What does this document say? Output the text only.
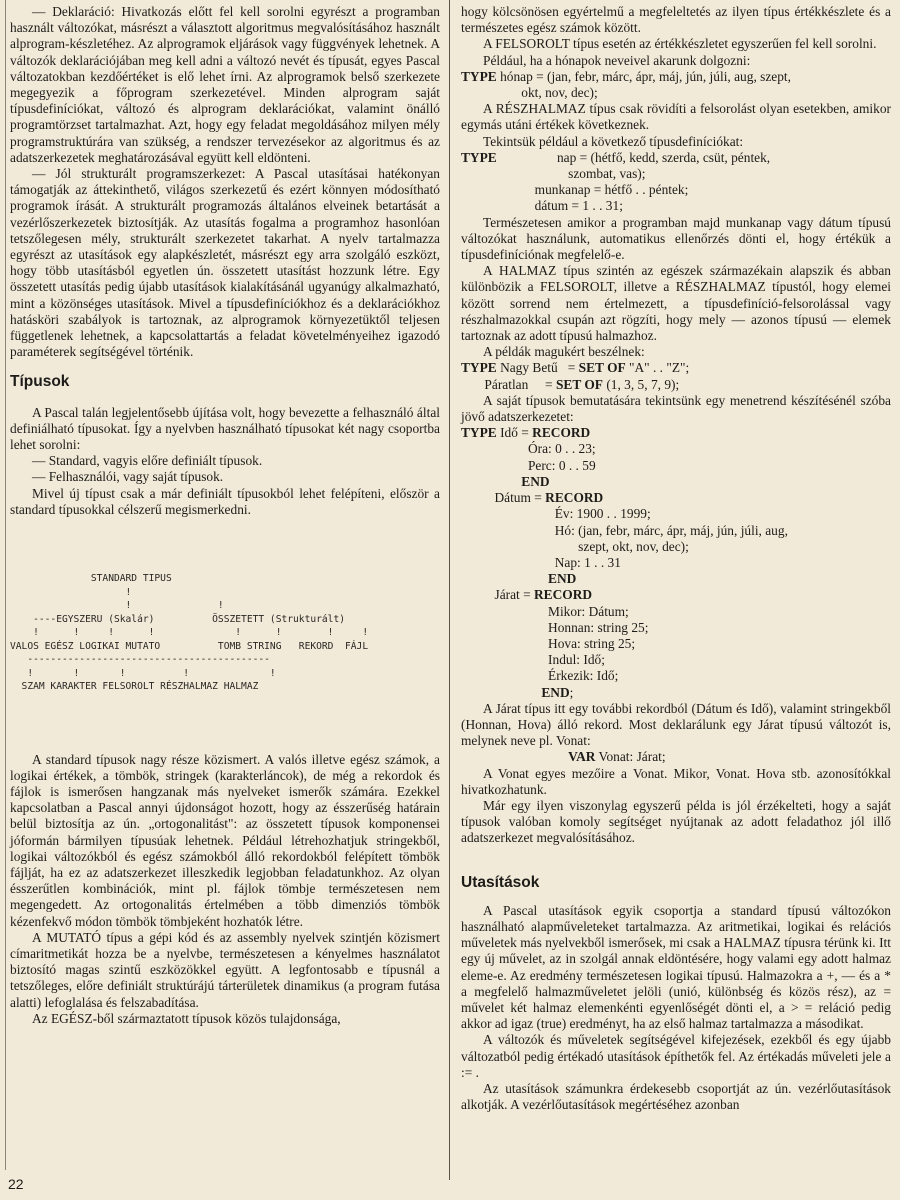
— Deklaráció: Hivatkozás előtt fel kell sorolni egyrészt a programban használt változókat, másrészt a választott algoritmus megvalósításához használt alprogram-készletéhez. Az alprogramok eljárások vagy függvények lehetnek. A változók deklarációjában meg kell adni a változó nevét és típusát, egyes Pascal változatokban kezdőértéket is elő lehet írni. Az alprogramok belső szerkezete megegyezik a főprogram szerkezetével. Minden alprogram saját típusdefiníciókat, változó és alprogram deklarációkat, valamint önálló programtörzset tartalmazhat. Azt, hogy egy feladat megoldásához milyen mély programstruktúrára van szükség, a rendszer tervezésekor az algoritmus és az adatszerkezetek meghatározásával együtt kell eldönteni.

— Jól strukturált programszerkezet: A Pascal utasításai hatékonyan támogatják az áttekinthető, világos szerkezetű és ezért könnyen módosítható programok írását. A strukturált programozás általános elveinek betartását a vezérlőszerkezetek biztosítják. Az utasítás fogalma a programhoz hasonlóan tetszőlegesen mély, strukturált szerkezetet takarhat. A nyelv tartalmazza egyrészt az utasítások egy alapkészletét, másrészt egy arra szolgáló eszközt, hogy több utasításból egyetlen ún. összetett utasítást hozzunk létre. Egy összetett utasítás pedig újabb utasítások kialakításánál ugyanúgy alkalmazható, mint a közönséges utasítások. Mivel a típusdefiníciókhoz és a deklarációkhoz hatásköri szabályok is tartoznak, az alprogramok környezetüktől teljesen függetlenek lehetnek, a kapcsolattartás a feladat követelményeihez igazodó paraméterek segítségével történik.

Típusok

A Pascal talán legjelentősebb újítása volt, hogy bevezette a felhasználó által definiálható típusokat. Így a nyelvben használható típusokat két nagy csoportba lehet sorolni:

— Standard, vagyis előre definiált típusok.

— Felhasználói, vagy saját típusok.

Mivel új típust csak a már definiált típusokból lehet felépíteni, először a standard típusokkal célszerű megismerkedni.

STANDARD TIPUS
!
!               !
----EGYSZERU (Skalár)          ÖSSZETETT (Strukturált)
!      !     !      !              !      !        !     !
VALOS EGÉSZ LOGIKAI MUTATO          TOMB STRING   REKORD  FÁJL
------------------------------------------
!       !       !          !              !
SZAM KARAKTER FELSOROLT RÉSZHALMAZ HALMAZ

A standard típusok nagy része közismert. A valós illetve egész számok, a logikai értékek, a tömbök, stringek (karakterláncok), de még a rekordok és fájlok is ismerősen hangzanak más nyelveket ismerők számára. Ezekkel kapcsolatban a Pascal annyi újdonságot hozott, hogy az ésszerűség határain belül biztosítja az ún. „ortogonalitást": az összetett típusok komponensei jóformán bármilyen típusúak lehetnek. Például létrehozhatjuk stringekből, logikai változókból és egész számokból álló rekordokból felépített tömbök fájlját, ha ez az adatszerkezet illeszkedik legjobban feladatunkhoz. Az olyan ésszerűtlen kombinációk, mint pl. fájlok tömbje természetesen nem megengedett. Az ortogonalitás értelmében a több dimenziós tömbök kézenfekvő módon tömbök tömbjeként hozhatók létre.

A MUTATÓ típus a gépi kód és az assembly nyelvek szintjén közismert címaritmetikát hozza be a nyelvbe, természetesen a kényelmes használatot biztosító magas szintű eszközökkel együtt. A legfontosabb e típusnál a tetszőleges, előre definiált struktúrájú tárterületek dinamikus (a program futása alatti) lefoglalása és felszabadítása.

Az EGÉSZ-ből származtatott típusok közös tulajdonsága,

hogy kölcsönösen egyértelmű a megfeleltetés az ilyen típus értékkészlete és a természetes egész számok között.

A FELSOROLT típus esetén az értékkészletet egyszerűen fel kell sorolni.

Például, ha a hónapok neveivel akarunk dolgozni:

TYPE hónap = (jan, febr, márc, ápr, máj, jún, júli, aug, szept,
okt, nov, dec);

A RÉSZHALMAZ típus csak rövidíti a felsorolást olyan esetekben, amikor egymás utáni értékek következnek.

Tekintsük például a következő típusdefiníciókat:

TYPE	nap = (hétfő, kedd, szerda, csüt, péntek,
szombat, vas);
munkanap = hétfő . . péntek;
dátum = 1 . . 31;

Természetesen amikor a programban majd munkanap vagy dátum típusú változókat használunk, automatikus ellenőrzés dönti el, hogy értékük a típusdefiníciónak megfelelő-e.

A HALMAZ típus szintén az egészek származékain alapszik és abban különbözik a FELSOROLT, illetve a RÉSZHALMAZ típustól, hogy elemei között sorrend nem értelmezett, a típusdefiníció-felsorolással vagy részhalmazokkal csupán azt rögzíti, hogy mely — azonos típusú — elemek tartoznak az adott típusú halmazhoz.

A példák magukért beszélnek:

TYPE Nagy Betű   = SET OF "A" . . "Z";
Páratlan     = SET OF (1, 3, 5, 7, 9);

A saját típusok bemutatására tekintsünk egy menetrend készítésénél szóba jövő adatszerkezetet:

TYPE Idő = RECORD
Óra: 0 . . 23;
Perc: 0 . . 59
END
Dátum = RECORD
Év: 1900 . . 1999;
Hó: (jan, febr, márc, ápr, máj, jún, júli, aug,
szept, okt, nov, dec);
Nap: 1 . . 31
END
Járat = RECORD
Mikor: Dátum;
Honnan: string 25;
Hova: string 25;
Indul: Idő;
Érkezik: Idő;
END;

A Járat típus itt egy további rekordból (Dátum és Idő), valamint stringekből (Honnan, Hova) álló rekord. Most deklarálunk egy Járat típusú változót is, melynek neve pl. Vonat:

VAR Vonat: Járat;

A Vonat egyes mezőire a Vonat. Mikor, Vonat. Hova stb. azonosítókkal hivatkozhatunk.

Már egy ilyen viszonylag egyszerű példa is jól érzékelteti, hogy a saját típusok valóban komoly segítséget nyújtanak az adott feladathoz jól illő adatszerkezet megvalósításához.

Utasítások

A Pascal utasítások egyik csoportja a standard típusú változókon használható alapműveleteket tartalmazza. Az aritmetikai, logikai és relációs műveletek más nyelvekből ismerősek, mi csak a HALMAZ típusra térünk ki. Itt egy új művelet, az in szolgál annak eldöntésére, hogy valami egy adott halmaz eleme-e. Az eredmény természetesen logikai típusú. Halmazokra a +, — és a * a megfelelő halmazműveletet jelöli (unió, különbség és közös rész), az = művelet két halmaz elemenkénti egyenlőségét dönti el, a > = reláció pedig akkor ad igaz (true) eredményt, ha az első halmaz tartalmazza a másodikat.

A változók és műveletek segítségével kifejezések, ezekből és egy újabb változatból pedig értékadó utasítások építhetők fel. Az értékadás műveleti jele a := .

Az utasítások számunkra érdekesebb csoportját az ún. vezérlőutasítások alkotják. A vezérlőutasítások megértéséhez azonban

22
